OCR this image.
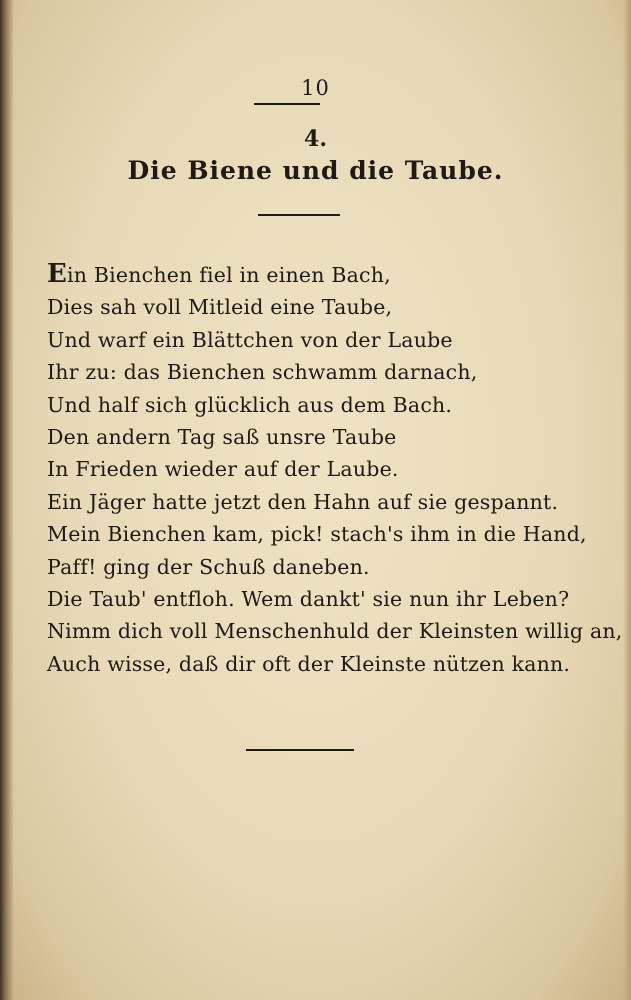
10
4.
Die Biene und die Taube.
Ein Bienchen fiel in einen Bach,
Dies sah voll Mitleid eine Taube,
Und warf ein Blättchen von der Laube
Ihr zu: das Bienchen schwamm darnach,
Und half sich glücklich aus dem Bach.
Den andern Tag saß unsre Taube
In Frieden wieder auf der Laube.
Ein Jäger hatte jetzt den Hahn auf sie gespannt.
Mein Bienchen kam, pick! stach's ihm in die Hand,
Paff! ging der Schuß daneben.
Die Taub' entfloh. Wem dankt' sie nun ihr Leben?
Nimm dich voll Menschenhuld der Kleinsten willig an,
Auch wisse, daß dir oft der Kleinste nützen kann.
